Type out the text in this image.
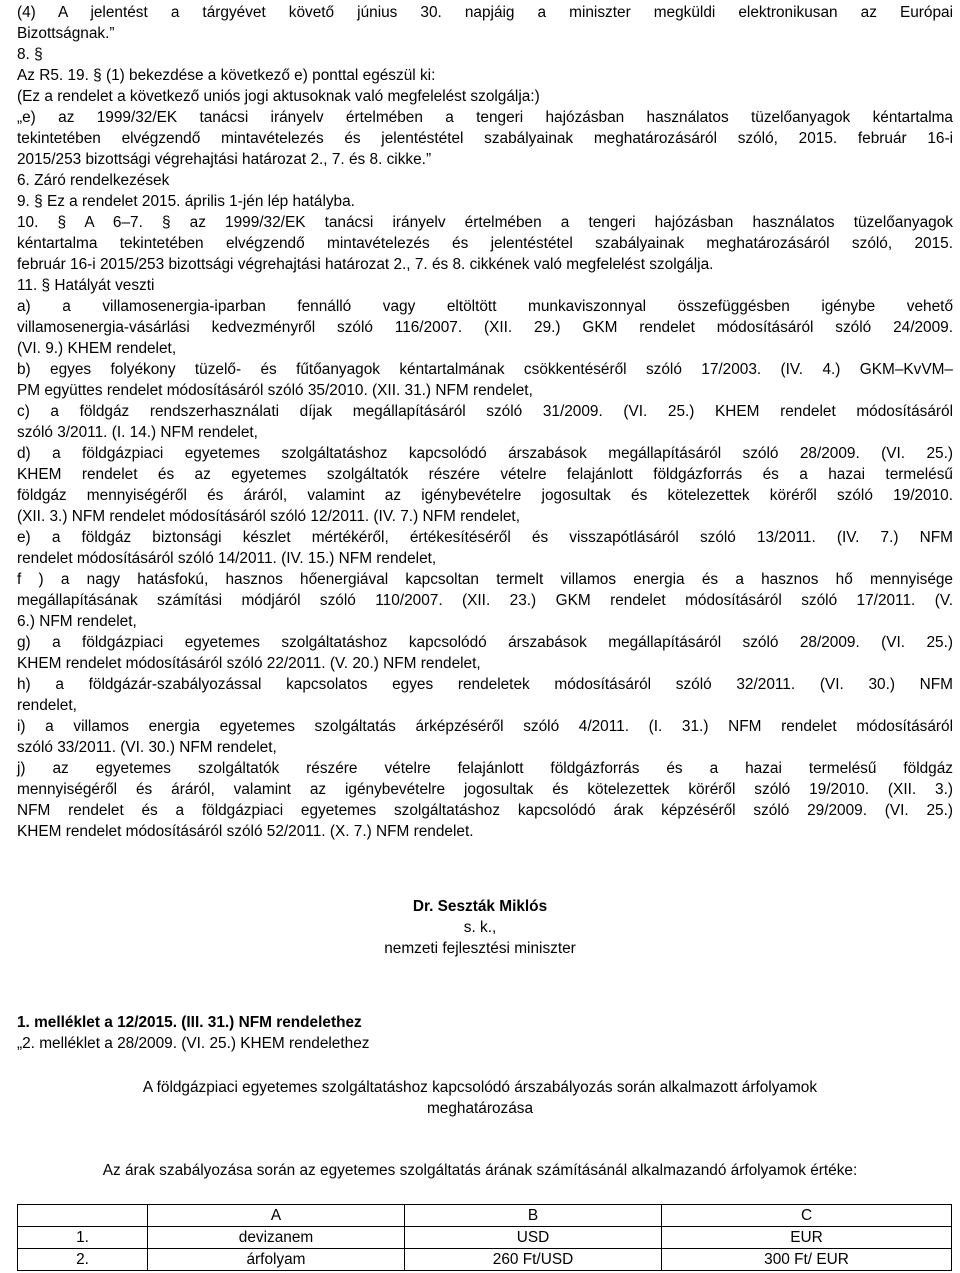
(4) A jelentést a tárgyévet követő június 30. napjáig a miniszter megküldi elektronikusan az Európai
Bizottságnak.”
8. §
Az R5. 19. § (1) bekezdése a következő e) ponttal egészül ki:
(Ez a rendelet a következő uniós jogi aktusoknak való megfelelést szolgálja:)
„e) az 1999/32/EK tanácsi irányelv értelmében a tengeri hajózásban használatos tüzelőanyagok kéntartalma
tekintetében elvégzendő mintavételezés és jelentéstétel szabályainak meghatározásáról szóló, 2015. február 16-i
2015/253 bizottsági végrehajtási határozat 2., 7. és 8. cikke.”
6. Záró rendelkezések
9. § Ez a rendelet 2015. április 1-jén lép hatályba.
10. § A 6–7. § az 1999/32/EK tanácsi irányelv értelmében a tengeri hajózásban használatos tüzelőanyagok
kéntartalma tekintetében elvégzendő mintavételezés és jelentéstétel szabályainak meghatározásáról szóló, 2015.
február 16-i 2015/253 bizottsági végrehajtási határozat 2., 7. és 8. cikkének való megfelelést szolgálja.
11. § Hatályát veszti
a) a villamosenergia-iparban fennálló vagy eltöltött munkaviszonnyal összefüggésben igénybe vehető
villamosenergia-vásárlási kedvezményről szóló 116/2007. (XII. 29.) GKM rendelet módosításáról szóló 24/2009.
(VI. 9.) KHEM rendelet,
b) egyes folyékony tüzelő- és fűtőanyagok kéntartalmának csökkentéséről szóló 17/2003. (IV. 4.) GKM–KvVM–
PM együttes rendelet módosításáról szóló 35/2010. (XII. 31.) NFM rendelet,
c) a földgáz rendszerhasználati díjak megállapításáról szóló 31/2009. (VI. 25.) KHEM rendelet módosításáról
szóló 3/2011. (I. 14.) NFM rendelet,
d) a földgázpiaci egyetemes szolgáltatáshoz kapcsolódó árszabások megállapításáról szóló 28/2009. (VI. 25.)
KHEM rendelet és az egyetemes szolgáltatók részére vételre felajánlott földgázforrás és a hazai termelésű
földgáz mennyiségéről és áráról, valamint az igénybevételre jogosultak és kötelezettek köréről szóló 19/2010.
(XII. 3.) NFM rendelet módosításáról szóló 12/2011. (IV. 7.) NFM rendelet,
e) a földgáz biztonsági készlet mértékéről, értékesítéséről és visszapótlásáról szóló 13/2011. (IV. 7.) NFM
rendelet módosításáról szóló 14/2011. (IV. 15.) NFM rendelet,
f ) a nagy hatásfokú, hasznos hőenergiával kapcsoltan termelt villamos energia és a hasznos hő mennyisége
megállapításának számítási módjáról szóló 110/2007. (XII. 23.) GKM rendelet módosításáról szóló 17/2011. (V.
6.) NFM rendelet,
g) a földgázpiaci egyetemes szolgáltatáshoz kapcsolódó árszabások megállapításáról szóló 28/2009. (VI. 25.)
KHEM rendelet módosításáról szóló 22/2011. (V. 20.) NFM rendelet,
h) a földgázár-szabályozással kapcsolatos egyes rendeletek módosításáról szóló 32/2011. (VI. 30.) NFM
rendelet,
i) a villamos energia egyetemes szolgáltatás árképzéséről szóló 4/2011. (I. 31.) NFM rendelet módosításáról
szóló 33/2011. (VI. 30.) NFM rendelet,
j) az egyetemes szolgáltatók részére vételre felajánlott földgázforrás és a hazai termelésű földgáz
mennyiségéről és áráról, valamint az igénybevételre jogosultak és kötelezettek köréről szóló 19/2010. (XII. 3.)
NFM rendelet és a földgázpiaci egyetemes szolgáltatáshoz kapcsolódó árak képzéséről szóló 29/2009. (VI. 25.)
KHEM rendelet módosításáról szóló 52/2011. (X. 7.) NFM rendelet.
Dr. Seszták Miklós
s. k.,
nemzeti fejlesztési miniszter
1. melléklet a 12/2015. (III. 31.) NFM rendelethez
„2. melléklet a 28/2009. (VI. 25.) KHEM rendelethez
A földgázpiaci egyetemes szolgáltatáshoz kapcsolódó árszabályozás során alkalmazott árfolyamok
meghatározása
Az árak szabályozása során az egyetemes szolgáltatás árának számításánál alkalmazandó árfolyamok értéke:
	A	B	C
1.	devizanem	USD	EUR
2.	árfolyam	260 Ft/USD	300 Ft/ EUR
